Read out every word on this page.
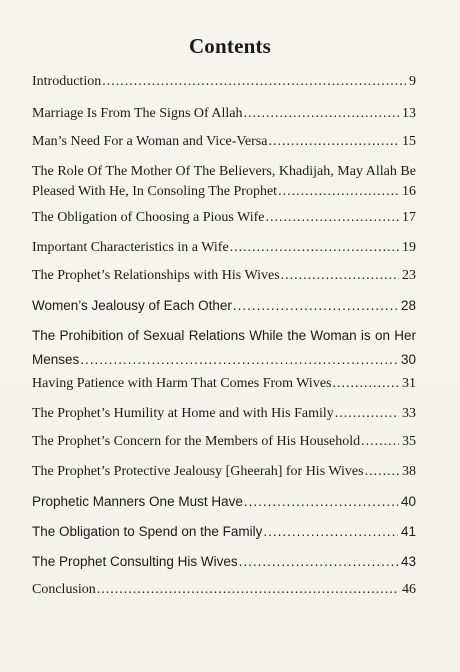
Contents
Introduction .....	9
Marriage Is From The Signs Of Allah .....	13
Man’s Need For a Woman and Vice-Versa .....	15
The Role Of The Mother Of The Believers, Khadijah, May Allah Be
Pleased With He, In Consoling The Prophet .....	16
The Obligation of Choosing a Pious Wife .....	17
Important Characteristics in a Wife .....	19
The Prophet’s Relationships with His Wives .....	23
Women’s Jealousy of Each Other .....	28
The Prohibition of Sexual Relations While the Woman is on Her
Menses .....	30
Having Patience with Harm That Comes From Wives .....	31
The Prophet’s Humility at Home and with His Family .....	33
The Prophet’s Concern for the Members of His Household .....	35
The Prophet’s Protective Jealousy [Gheerah] for His Wives .....	38
Prophetic Manners One Must Have .....	40
The Obligation to Spend on the Family .....	41
The Prophet Consulting His Wives .....	43
Conclusion .....	46
